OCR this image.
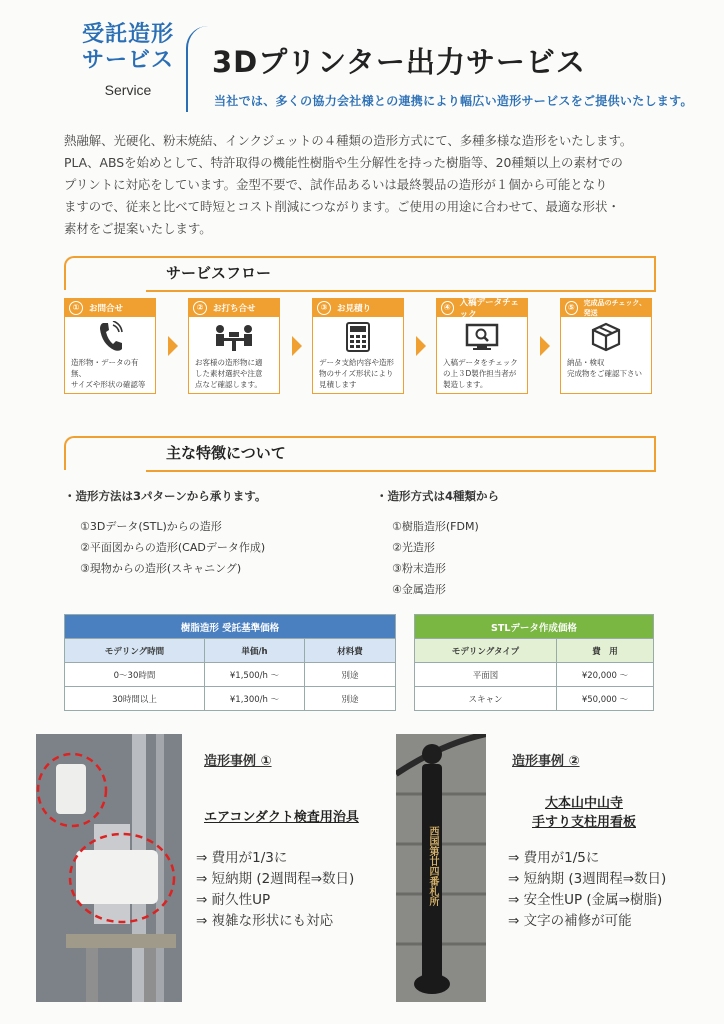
受託造形
サービス
Service
3Dプリンター出力サービス
当社では、多くの協力会社様との連携により幅広い造形サービスをご提供いたします。
熱融解、光硬化、粉末焼結、インクジェットの４種類の造形方式にて、多種多様な造形をいたします。
PLA、ABSを始めとして、特許取得の機能性樹脂や生分解性を持った樹脂等、20種類以上の素材での
プリントに対応をしています。金型不要で、試作品あるいは最終製品の造形が１個から可能となり
ますので、従来と比べて時短とコスト削減につながります。ご使用の用途に合わせて、最適な形状・
素材をご提案いたします。
サービスフロー
①	お問合せ
造形物・データの有無、
サイズや形状の確認等
②	お打ち合せ
お客様の造形物に適
した素材選択や注意
点など確認します。
③	お見積り
データ支給内容や造形
物のサイズ形状により
見積します
④	入稿データチェック
入稿データをチェック
の上３D製作担当者が
製造します。
⑤	完成品のチェック、発送
納品・検収
完成物をご確認下さい
主な特徴について
・造形方法は3パターンから承ります。
①3Dデータ(STL)からの造形
②平面図からの造形(CADデータ作成)
③現物からの造形(スキャニング)
・造形方式は4種類から
①樹脂造形(FDM)
②光造形
③粉末造形
④金属造形
樹脂造形 受託基準価格		
モデリング時間	単価/h	材料費
0〜30時間	¥1,500/h 〜	別途
30時間以上	¥1,300/h 〜	別途
STLデータ作成価格	
モデリングタイプ	費　用
平面図	¥20,000 〜
スキャン	¥50,000 〜
造形事例 ①
エアコンダクト検査用治具
⇒ 費用が1/3に
⇒ 短納期 (2週間程⇒数日)
⇒ 耐久性UP
⇒ 複雑な形状にも対応
西国第廿四番札所
造形事例 ②
大本山中山寺
手すり支柱用看板
⇒ 費用が1/5に
⇒ 短納期 (3週間程⇒数日)
⇒ 安全性UP (金属⇒樹脂)
⇒ 文字の補修が可能
